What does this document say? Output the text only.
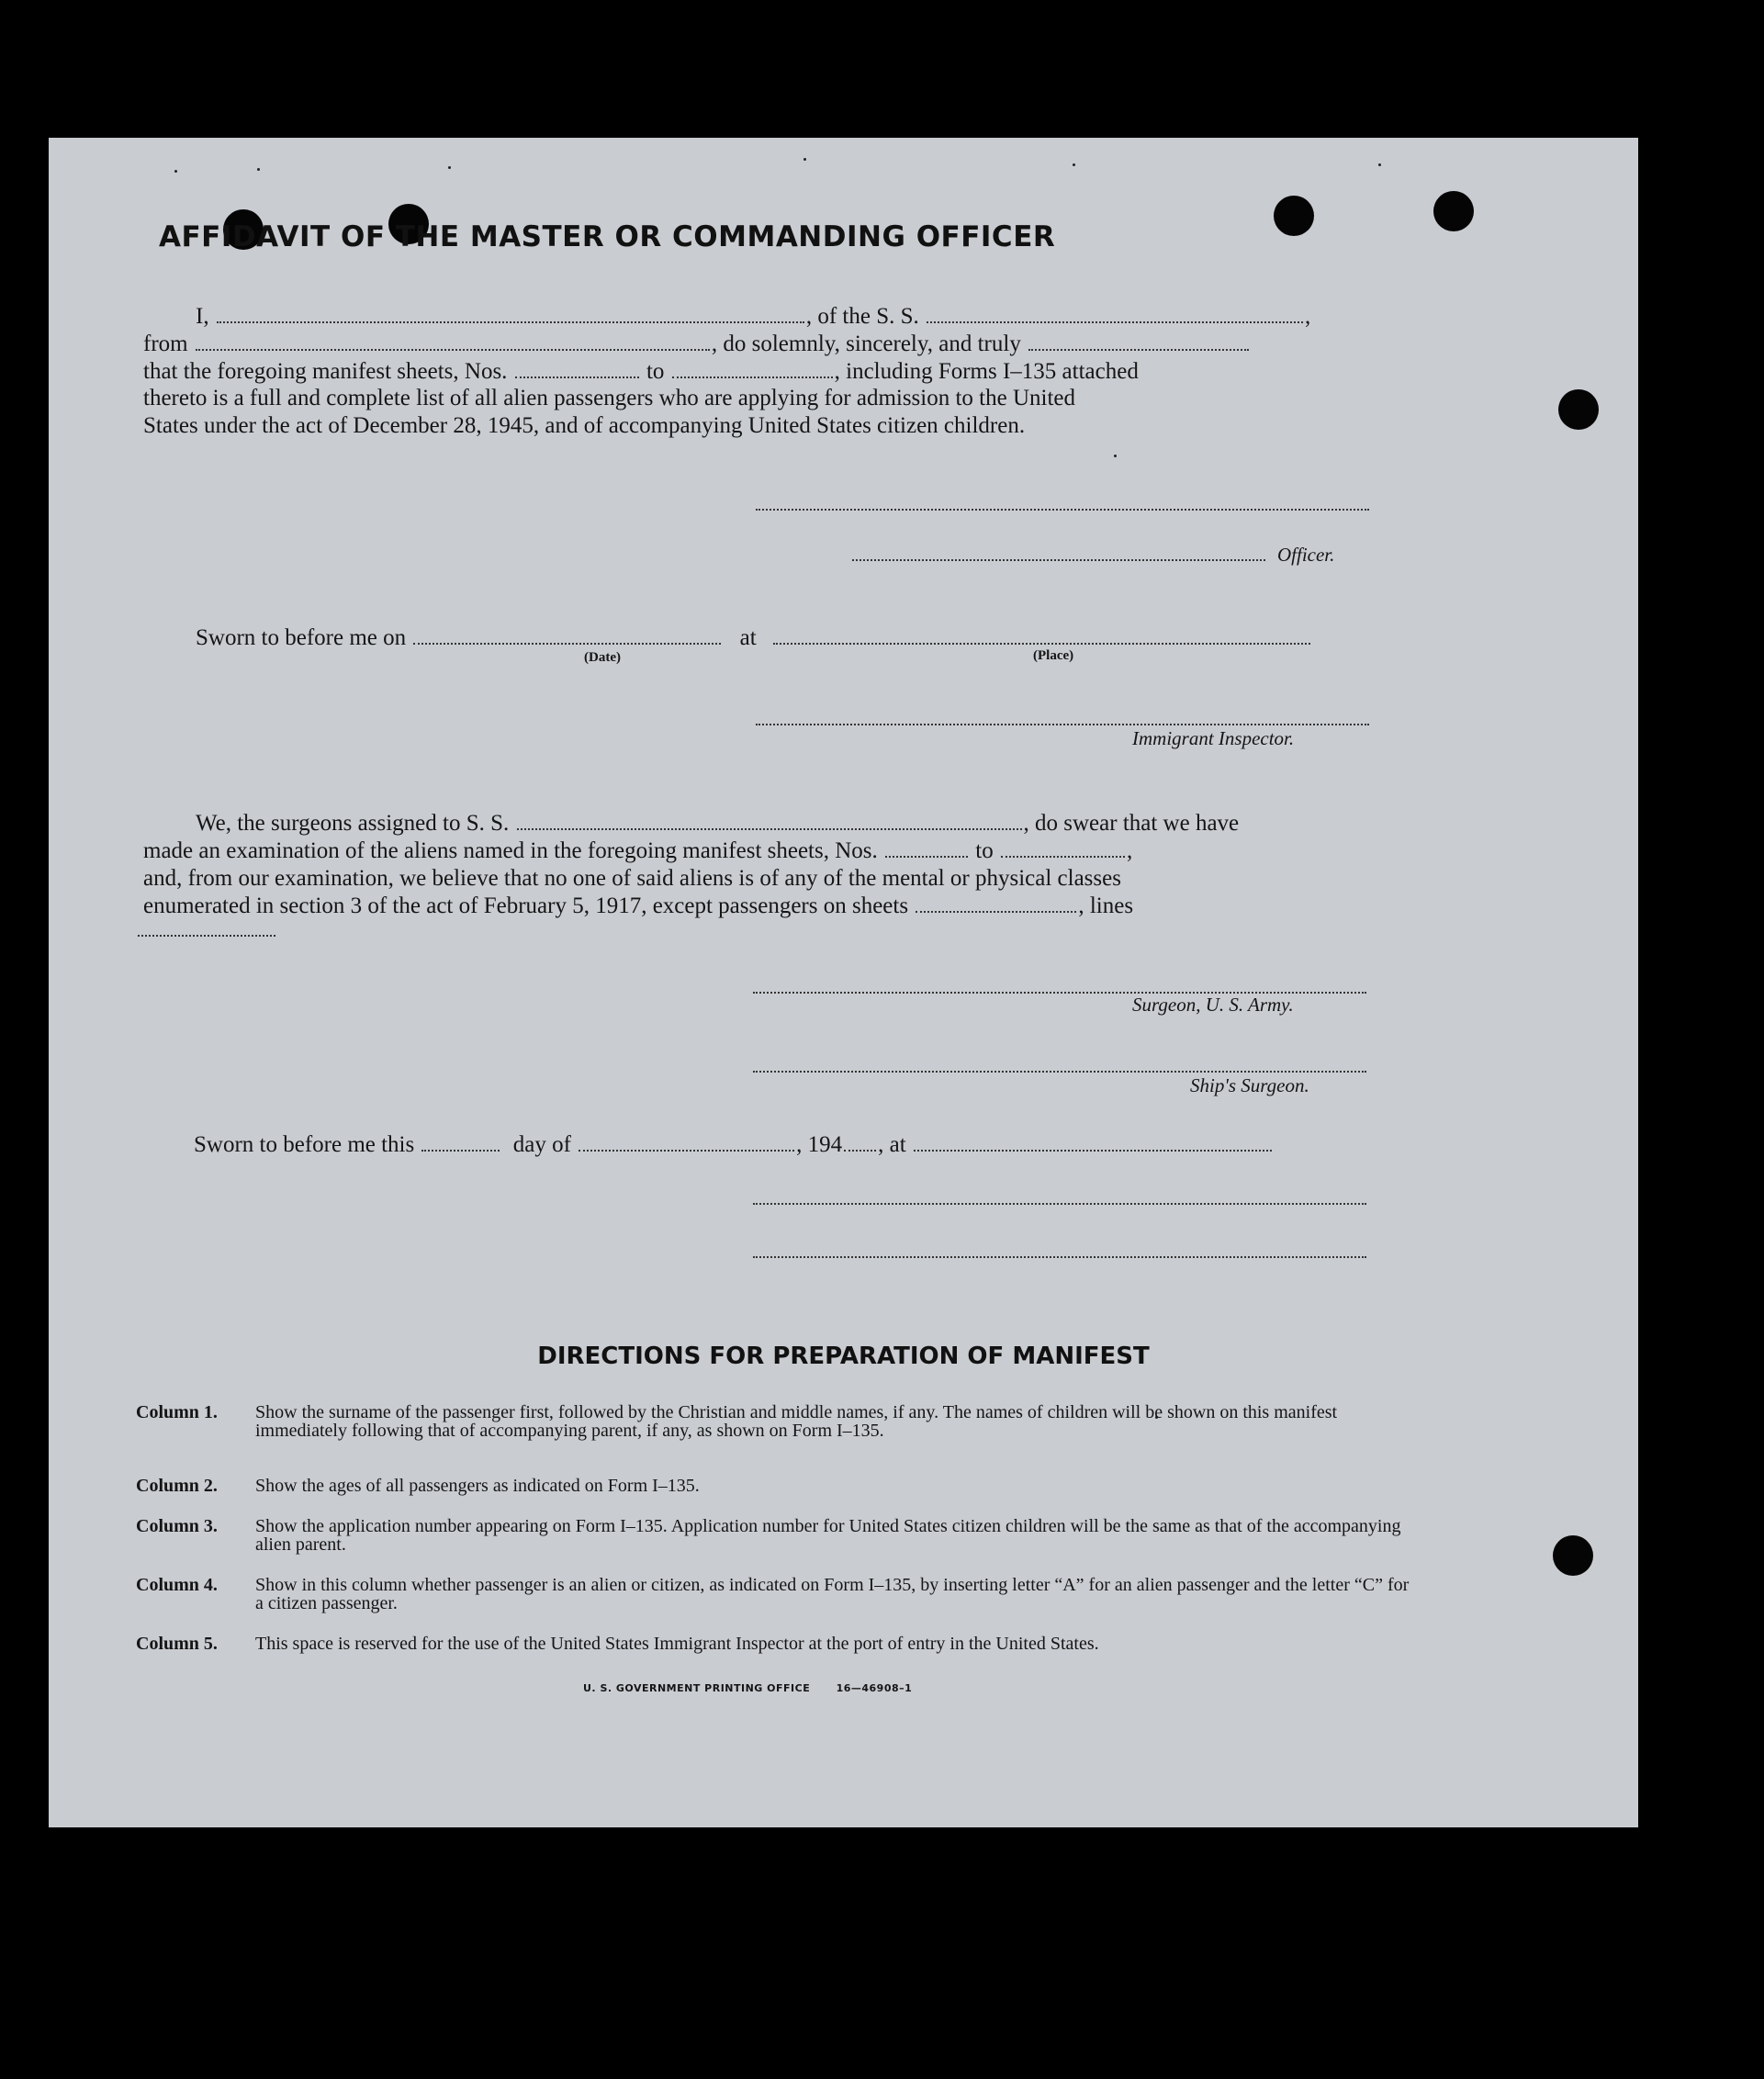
AFFIDAVIT OF THE MASTER OR COMMANDING OFFICER
I,	, of the S. S.	,
from	, do solemnly, sincerely, and truly
that the foregoing manifest sheets, Nos.	to	, including Forms I–135 attached
thereto is a full and complete list of all alien passengers who are applying for admission to the United
States under the act of December 28, 1945, and of accompanying United States citizen children.
Officer.
Sworn to before me on	at
(Date)	(Place)
Immigrant Inspector.
We, the surgeons assigned to S. S.	, do swear that we have
made an examination of the aliens named in the foregoing manifest sheets, Nos.	to	,
and, from our examination, we believe that no one of said aliens is of any of the mental or physical classes
enumerated in section 3 of the act of February 5, 1917, except passengers on sheets	, lines
Surgeon, U. S. Army.
Ship's Surgeon.
Sworn to before me this	day of	, 194 , at
DIRECTIONS FOR PREPARATION OF MANIFEST
Column 1.	Show the surname of the passenger first, followed by the Christian and middle names, if any. The names of children will be shown on this manifest immediately following that of accompanying parent, if any, as shown on Form I–135.
Column 2.	Show the ages of all passengers as indicated on Form I–135.
Column 3.	Show the application number appearing on Form I–135. Application number for United States citizen children will be the same as that of the accompanying alien parent.
Column 4.	Show in this column whether passenger is an alien or citizen, as indicated on Form I–135, by inserting letter “A” for an alien passenger and the letter “C” for a citizen passenger.
Column 5.	This space is reserved for the use of the United States Immigrant Inspector at the port of entry in the United States.
U. S. GOVERNMENT PRINTING OFFICE	16—46908–1
